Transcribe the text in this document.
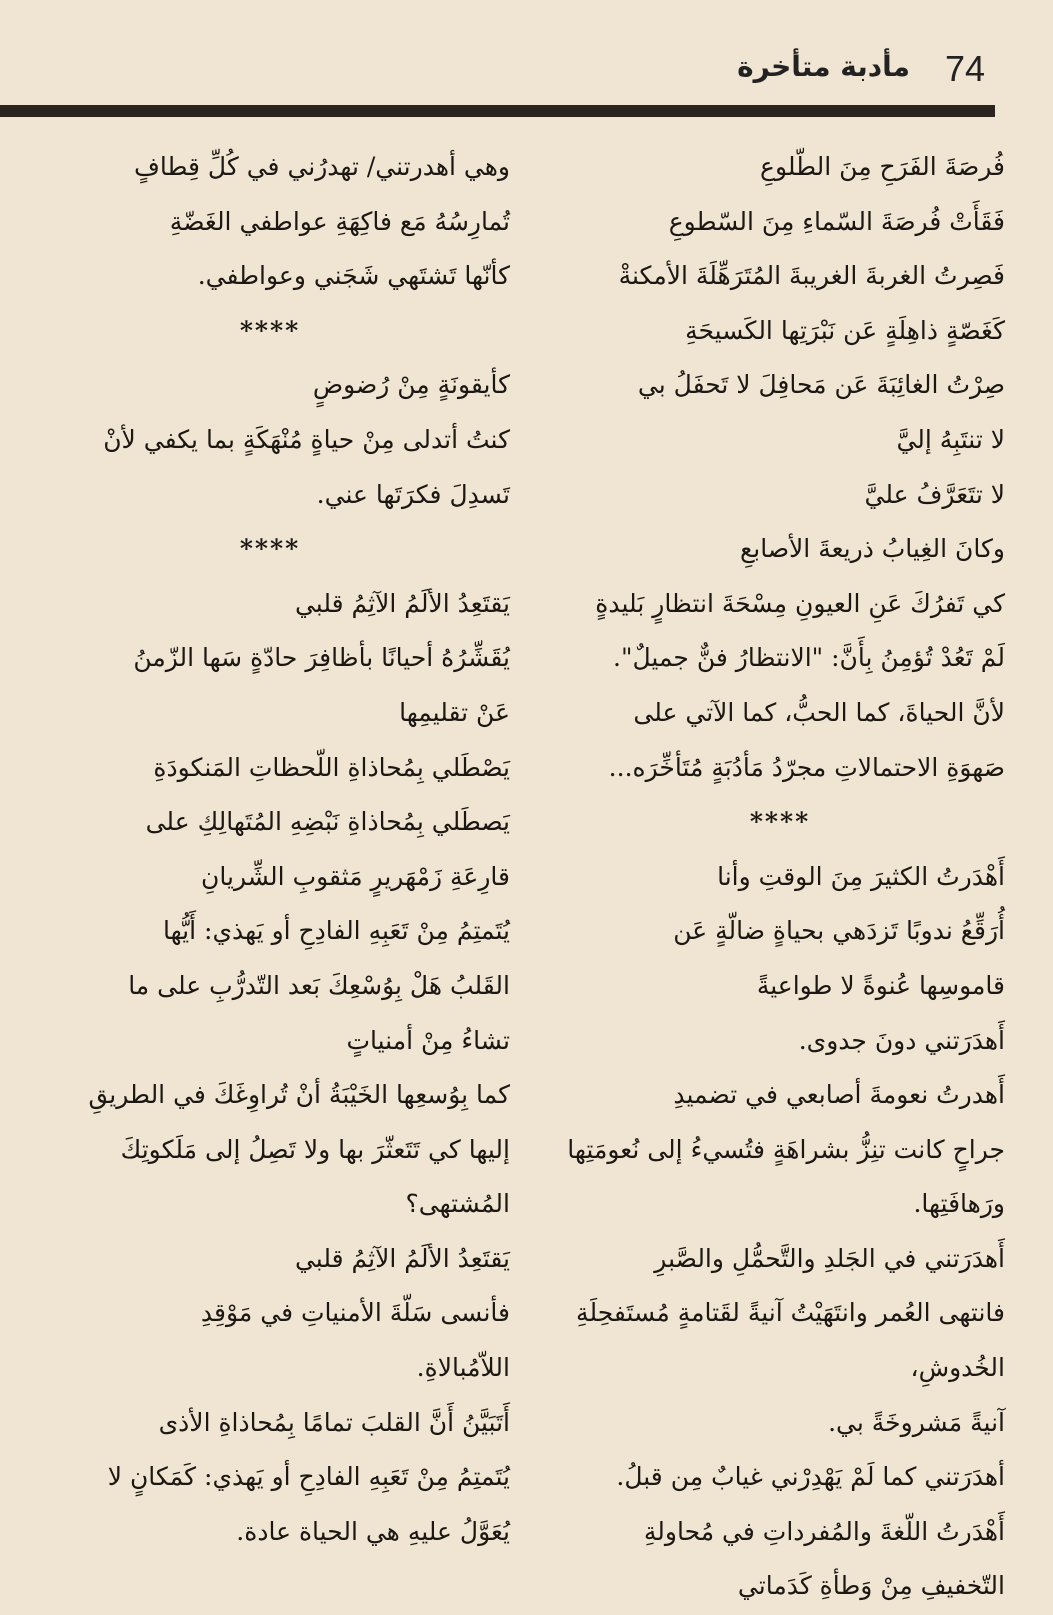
74
مأدبة متأخرة
فُرصَةَ الفَرَحِ مِنَ الطّلوعِ
فَقَأَتْ فُرصَةَ السّماءِ مِنَ السّطوعِ
فَصِرتُ الغربةَ الغريبةَ المُتَرَهِّلَةَ الأمكنةْ
كَغَصّةٍ ذاهِلَةٍ عَن نَبْرَتِها الكَسيحَةِ
صِرْتُ الغائِبَةَ عَن مَحافِلَ لا تَحفَلُ بي
لا تنتَبِهُ إليَّ
لا تتَعَرَّفُ عليَّ
وكانَ الغِيابُ ذريعةَ الأصابعِ
كي تَفرُكَ عَنِ العيونِ مِسْحَةَ انتظارٍ بَليدةٍ
لَمْ تَعُدْ تُؤمِنُ بِأَنَّ: "الانتظارُ فنٌّ جميلٌ".
لأنَّ الحياةَ، كما الحبُّ، كما الآتي على
صَهوَةِ الاحتمالاتِ مجرّدُ مَأدُبَةٍ مُتَأخِّرَه...
****
أَهْدَرتُ الكثيرَ مِنَ الوقتِ وأنا
أُرَقِّعُ ندوبًا تَزدَهي بحياةٍ ضالّةٍ عَن
قاموسِها عُنوةً لا طواعيةً
أَهدَرَتني دونَ جدوى.
أَهدرتُ نعومةَ أصابعي في تضميدِ
جراحٍ كانت تنِزُّ بشراهَةٍ فتُسيءُ إلى نُعومَتِها
ورَهافَتِها.
أَهدَرَتني في الجَلدِ والتَّحمُّلِ والصَّبرِ
فانتهى العُمر وانتَهَيْتُ آنيةً لقَتامةٍ مُستَفحِلَةِ
الخُدوشِ،
آنيةً مَشروخَةً بي.
أهدَرَتني كما لَمْ يَهْدِرْني غيابٌ مِن قبلُ.
أَهْدَرتُ اللّغةَ والمُفرداتِ في مُحاولةِ
التّخفيفِ مِنْ وَطأةِ كَدَماتي
وهي أهدرتني/ تهدرُني في كُلِّ قِطافٍ
تُمارِسُهُ مَع فاكِهَةِ عواطفي الغَضّةِ
كأنّها تَشتَهي شَجَني وعواطفي.
****
كأيقونَةٍ مِنْ رُضوضٍ
كنتُ أتدلى مِنْ حياةٍ مُنْهَكَةٍ بما يكفي لأنْ
تَسدِلَ فكرَتَها عني.
****
يَقتَعِدُ الألَمُ الآثِمُ قلبي
يُقَشِّرُهُ أحيانًا بأظافِرَ حادّةٍ سَها الزّمنُ
عَنْ تقليمِها
يَصْطَلي بِمُحاذاةِ اللّحظاتِ المَنكودَةِ
يَصطَلي بِمُحاذاةِ نَبْضِهِ المُتَهالِكِ على
قارِعَةِ زَمْهَريرٍ مَثقوبِ الشِّريانِ
يُتَمتِمُ مِنْ تَعَبِهِ الفادِحِ أو يَهذي: أَيُّها
القَلبُ هَلْ بِوُسْعِكَ بَعد التّدرُّبِ على ما
تشاءُ مِنْ أمنياتٍ
كما بِوُسعِها الخَيْبَةُ أنْ تُراوِغَكَ في الطريقِ
إليها كي تَتَعثّرَ بها ولا تَصِلُ إلى مَلَكوتِكَ
المُشتهى؟
يَقتَعِدُ الألَمُ الآثِمُ قلبي
فأنسى سَلّةَ الأمنياتِ في مَوْقِدِ
اللاّمُبالاةِ.
أَتَبَيَّنُ أَنَّ القلبَ تمامًا بِمُحاذاةِ الأذى
يُتَمتِمُ مِنْ تَعَبِهِ الفادِحِ أو يَهذي: كَمَكانٍ لا
يُعَوَّلُ عليهِ هي الحياة عادة.
